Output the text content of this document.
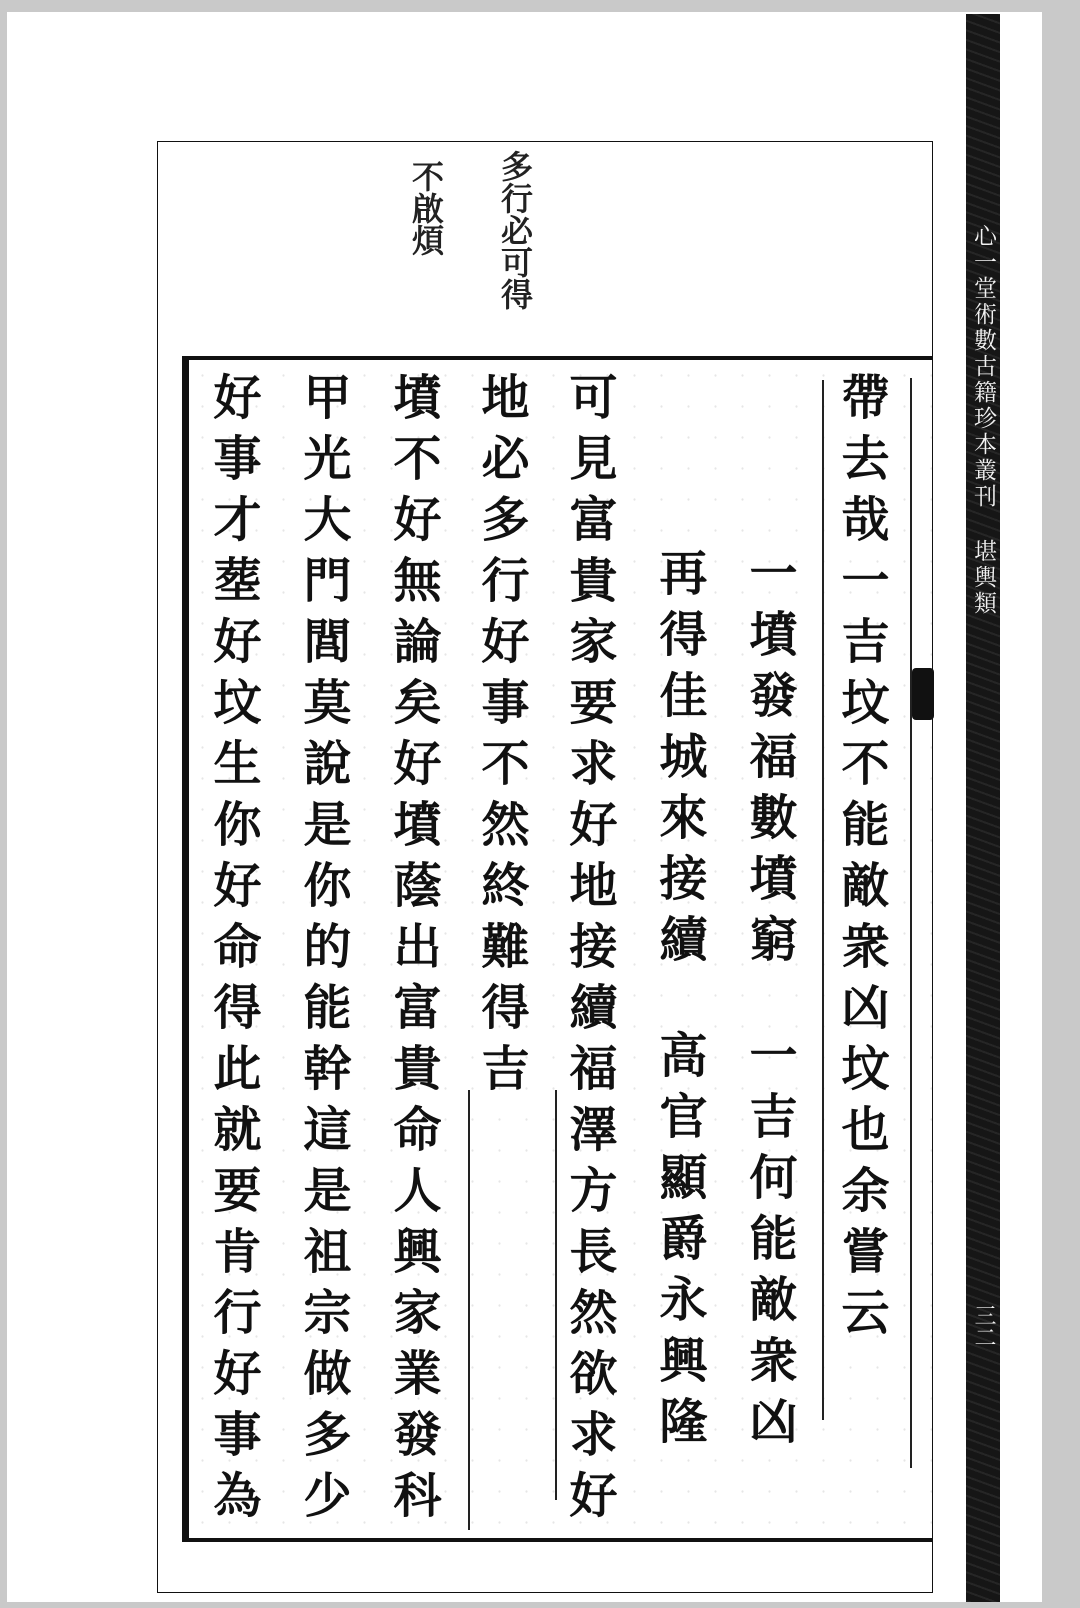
心一堂術數古籍珍本叢刊 堪輿類
三二
多行必可得
不啟煩
帶去哉一吉坟不能敵衆凶坟也余嘗云
一墳發福數墳窮
一吉何能敵衆凶
再得佳城來接續
高官顯爵永興隆
可見富貴家要求好地接續福澤方長然欲求好
地必多行好事不然終難得吉
墳不好無論矣好墳蔭出富貴命人興家業發科
甲光大門閭莫說是你的能幹這是祖宗做多少
好事才塟好坟生你好命得此就要肯行好事為
